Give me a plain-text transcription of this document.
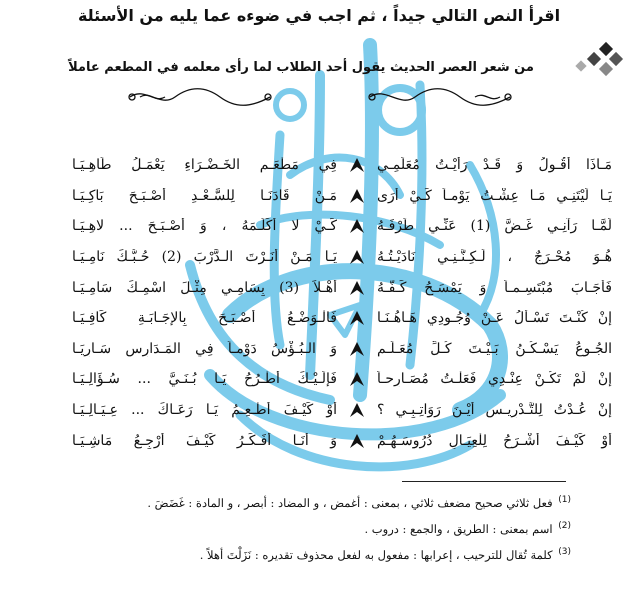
اقرأ النص التالي جيداً ، ثم اجب في ضوءه عما يليه من الأسئلة
من شعر العصر الحديث يقول أحد الطلاب لما رأى معلمه في المطعم عاملاً
مَـاذَا أَقُـولُ وَ قَـدْ رَأَيْـتُ مُعَلِّمِـي
فِي مَطْعَـمِ الخَـضْـرَاءِ يَعْمَـلُ طَاهِـيَـا
يَـا لَيْتَنِـي مَـا عِشْـتُ يَوْمـاً كَـيْ أَرَى
مَـنْ قَادَنَـا لِلسَّـعْـدِ أَصْـبَـحَ بَاكِـيَـا
لَمَّـا رَآنِـي غَـضَّ (1) عَنِّـي طَرْفَـهُ
كَـيْ لا أُكَلِّـمَهُ ، وَ أَصْـبَـحَ ... لاهِـيَـا
هُـوَ مُحْـرَجٌ ، لَـكِـنَّـنِـي نَادَيْـتُـهُ
يَـا مَـنْ أَنَـرْتَ الـدَّرْبَ (2) حُـبُّـكَ نَامِـيَـا
فَأَجَـابَ مُبْتَسِـمـاً وَ يَمْسَـحُ كَـفَّـهُ
أَهْـلاً (3) بِسَامِـي مِثْـلَ اسْمِـكَ سَامِـيَـا
إِنْ كُنْـتَ تَسْـأَلُ عَـنْ وُجُـودِي هَـاهُـنَـا
فَالْـوَضْـعُ أَصْـبَـحَ بِالإِجَـابَـةِ كَافِـيَـا
الجُـوعُ يَسْـكُـنُ بَـيْـتَ كُـلِّ مُعَـلِّـمٍ
وَ الـبُـؤْسُ دَوْمـاً فِي المَـدَارِسِ سَـارِيَـا
إِنْ لَمْ تَكُـنْ عِنْـدِي فَعَلْـتُ مُصَـارِحـاً
فَإِلَـيْـكَ أُطْـرُحُ يَـا بُـنَـيَّ ... سُـؤَالِـيَـا
إِنْ عُـدْتُ لِلتَّـدْرِيـسِ أَيْـنَ رَوَاتِـبِـي ؟
أَوْ كَيْـفَ أُطْـعِـمُ يَـا رَعَـاكَ ... عِـيَـالِـيَـا
أَوْ كَيْـفَ أَشْـرَحُ لِلْعِيَـالِ دُرُوسَـهُـمْ
وَ أَنَـا أُفَـكِّـرُ كَيْـفَ أَرْجِـعُ مَاشِـيَـا
$^{(1)}$ فعل ثلاثي صحيح مضعف ثلاثي ، بمعنى : أغمض ، و المضاد : أبصر ، و المادة : غَضَضَ .
$^{(2)}$ اسم بمعنى : الطريق ، والجمع : دروب .
$^{(3)}$ كلمة تُقال للترحيب ، إعرابها : مفعول به لفعل محذوف تقديره : نَزَلْتَ أهلاً .
